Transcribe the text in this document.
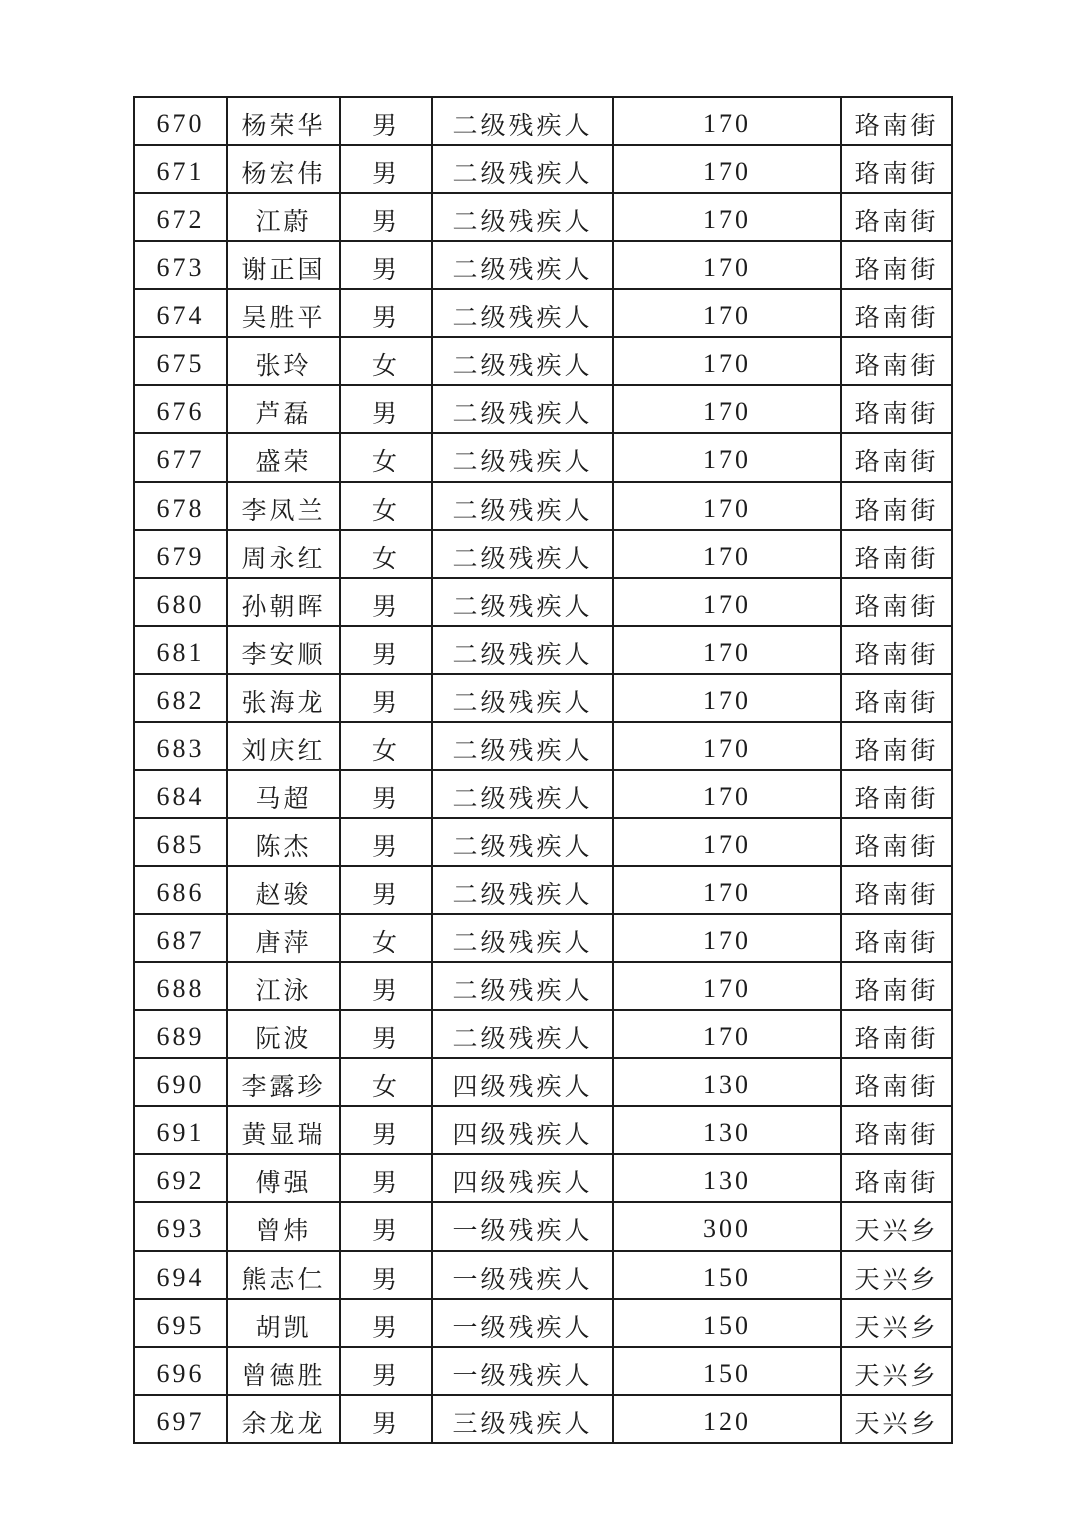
670	杨荣华	男	二级残疾人	170	珞南街
671	杨宏伟	男	二级残疾人	170	珞南街
672	江蔚	男	二级残疾人	170	珞南街
673	谢正国	男	二级残疾人	170	珞南街
674	吴胜平	男	二级残疾人	170	珞南街
675	张玲	女	二级残疾人	170	珞南街
676	芦磊	男	二级残疾人	170	珞南街
677	盛荣	女	二级残疾人	170	珞南街
678	李凤兰	女	二级残疾人	170	珞南街
679	周永红	女	二级残疾人	170	珞南街
680	孙朝晖	男	二级残疾人	170	珞南街
681	李安顺	男	二级残疾人	170	珞南街
682	张海龙	男	二级残疾人	170	珞南街
683	刘庆红	女	二级残疾人	170	珞南街
684	马超	男	二级残疾人	170	珞南街
685	陈杰	男	二级残疾人	170	珞南街
686	赵骏	男	二级残疾人	170	珞南街
687	唐萍	女	二级残疾人	170	珞南街
688	江泳	男	二级残疾人	170	珞南街
689	阮波	男	二级残疾人	170	珞南街
690	李露珍	女	四级残疾人	130	珞南街
691	黄显瑞	男	四级残疾人	130	珞南街
692	傅强	男	四级残疾人	130	珞南街
693	曾炜	男	一级残疾人	300	天兴乡
694	熊志仁	男	一级残疾人	150	天兴乡
695	胡凯	男	一级残疾人	150	天兴乡
696	曾德胜	男	一级残疾人	150	天兴乡
697	余龙龙	男	三级残疾人	120	天兴乡
